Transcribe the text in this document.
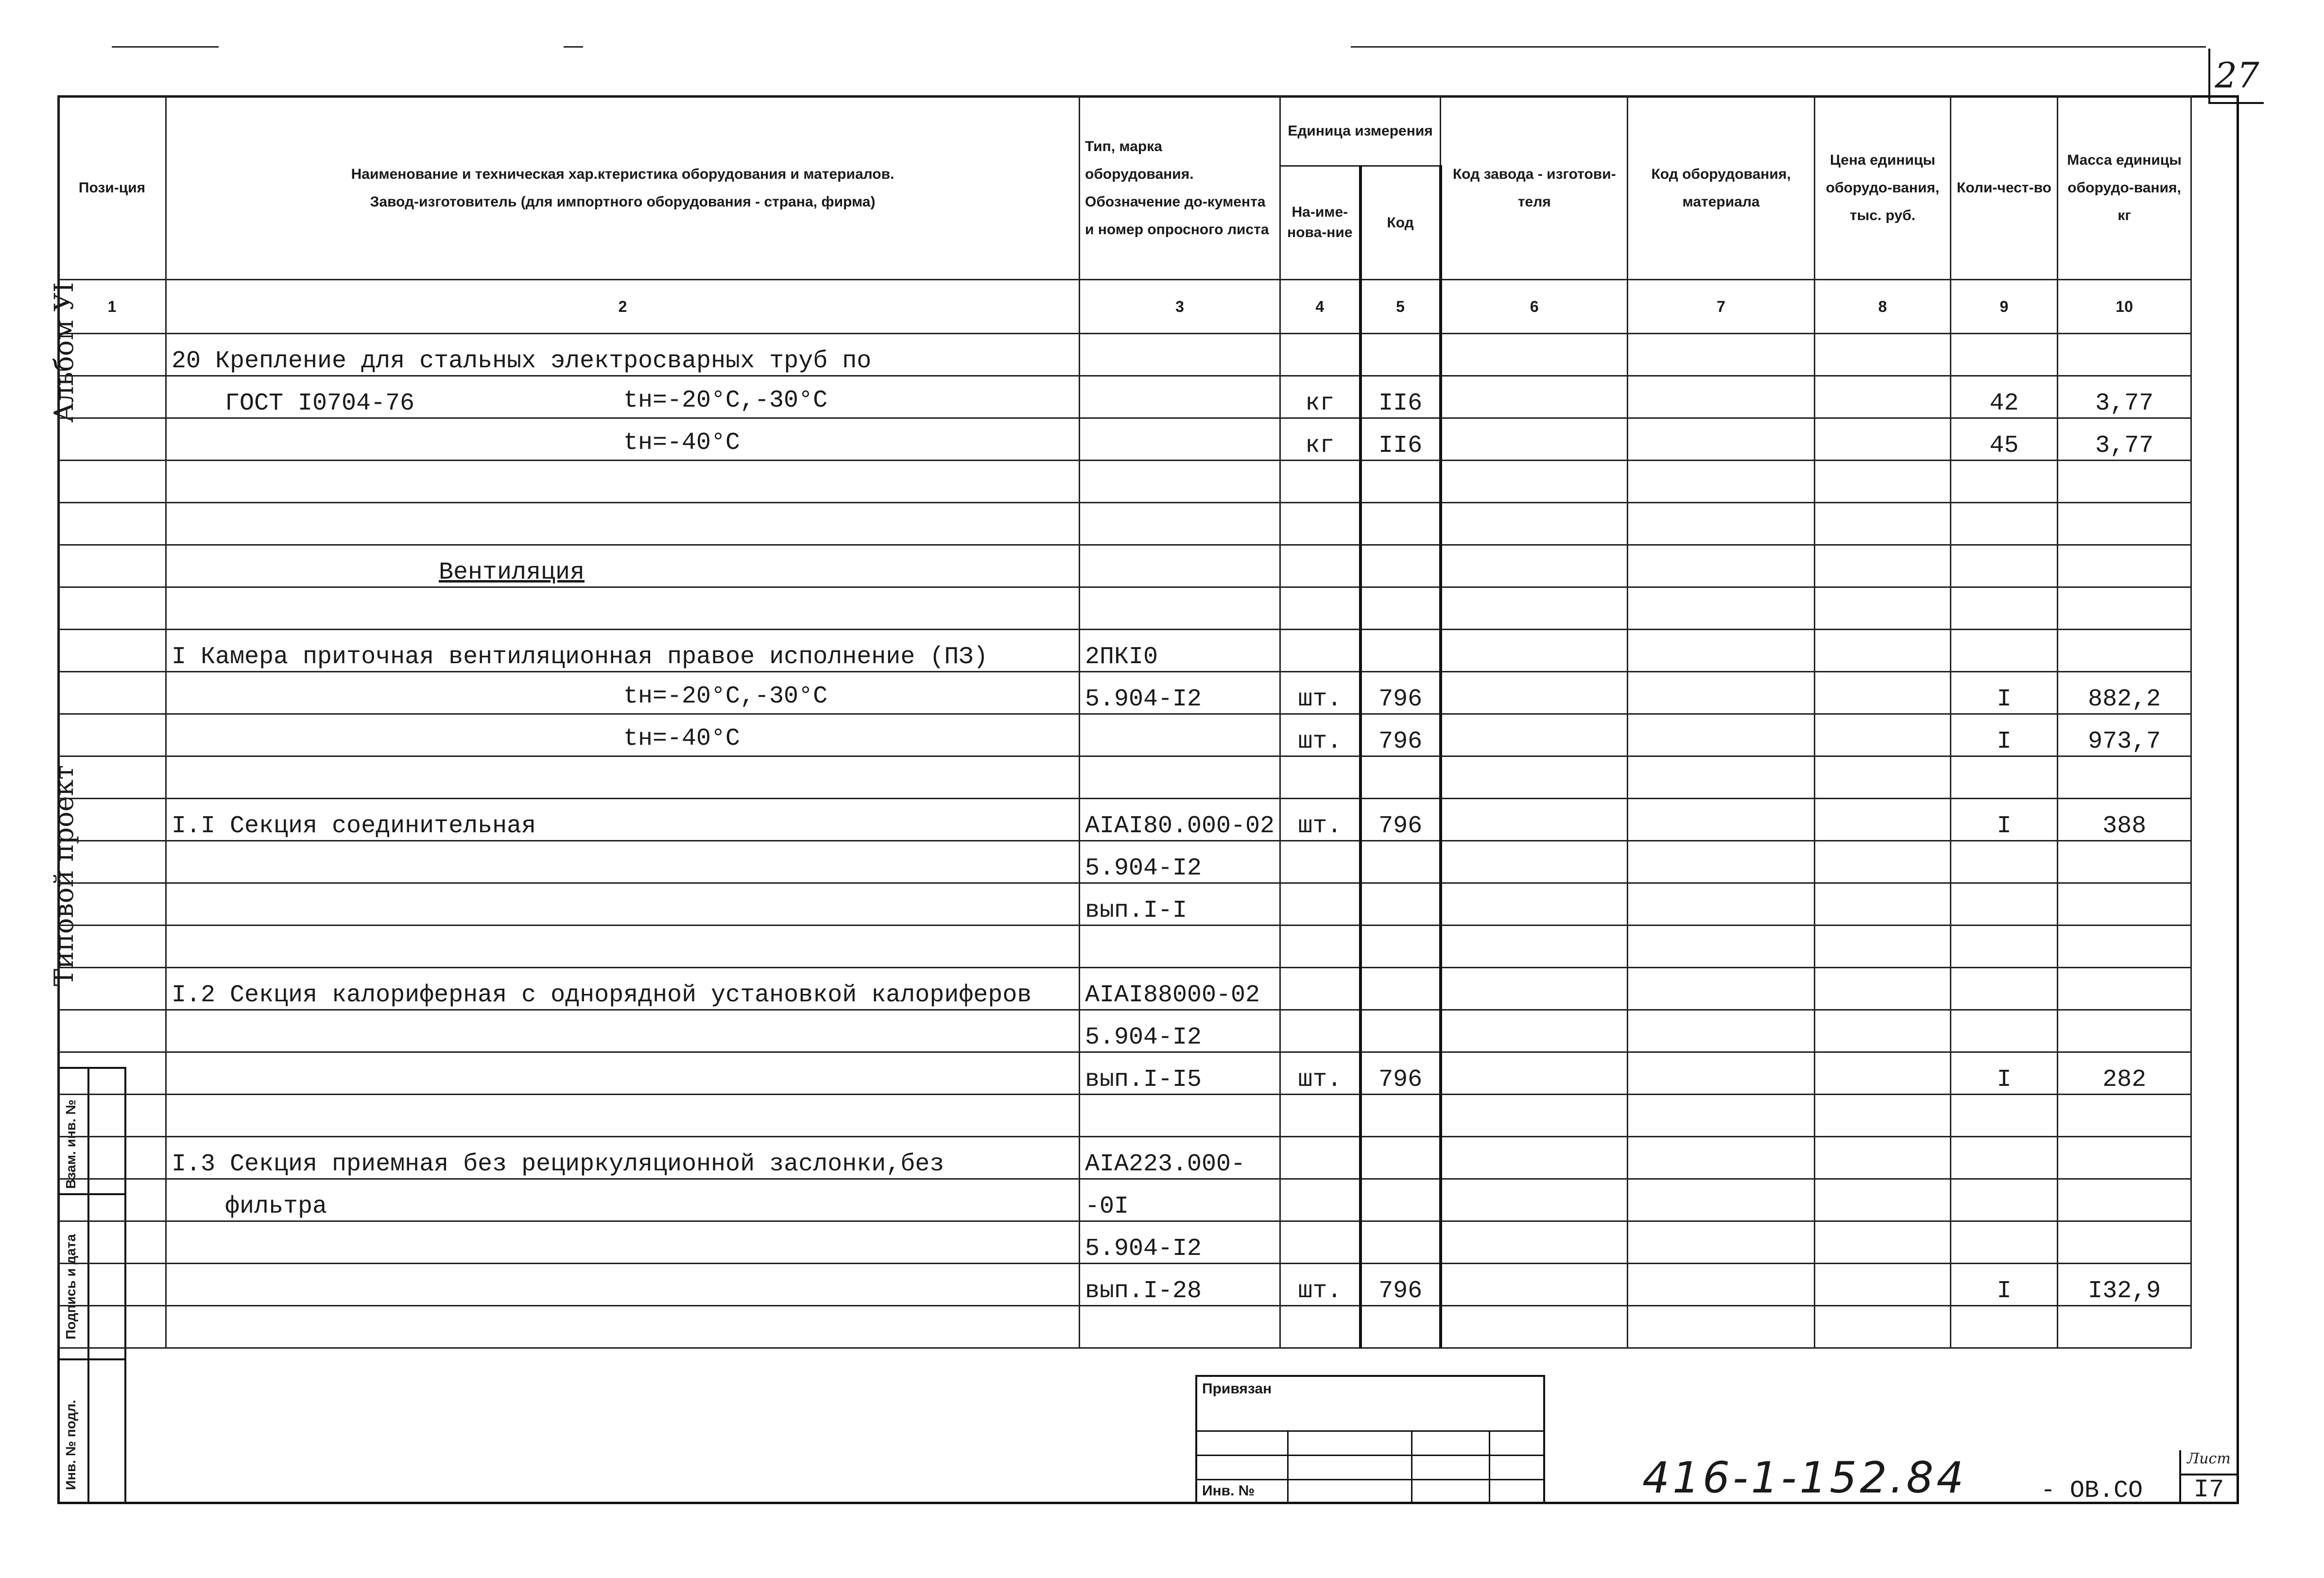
27
Альбом УI
Типовой проект
Взам. инв. №
Подпись и дата
Инв. № подл.
Пози-ция	Наименование и техническая хар.ктеристика оборудования и материалов.
Завод-изготовитель (для импортного оборудования - страна, фирма)	Тип, марка оборудования. Обозначение до-кумента и номер опросного листа	Единица измерения		Код завода - изготови-теля	Код оборудования, материала	Цена единицы оборудо-вания, тыс. руб.	Коли-чест-во	Масса единицы оборудо-вания, кг
			На-име-нова-ние	Код					
1	2	3	4	5	6	7	8	9	10
	20 Крепление для стальных электросварных труб по								
	ГОСТ I0704-76 tн=-20°С,-30°С		кг	II6				42	3,77

	tн=-40°С		кг	II6				45	3,77

	Вентиляция								

	I Камера приточная вентиляционная правое исполнение (ПЗ)	2ПКI0							

	tн=-20°С,-30°С	5.904-I2	шт.	796				I	882,2

	tн=-40°С		шт.	796				I	973,7

	I.I Секция соединительная	AIAI80.000-02	шт.	796				I	388
		5.904-I2							
		вып.I-I							

	I.2 Секция калориферная с однорядной установкой калориферов	AIAI88000-02							
		5.904-I2							
		вып.I-I5	шт.	796				I	282

	I.3 Секция приемная без рециркуляционной заслонки,без	AIA223.000-							
	фильтра	-0I							
		5.904-I2							
		вып.I-28	шт.	796				I	I32,9

Привязан
Инв. №	416-1-152.84	- ОВ.СО
Лист
I7
